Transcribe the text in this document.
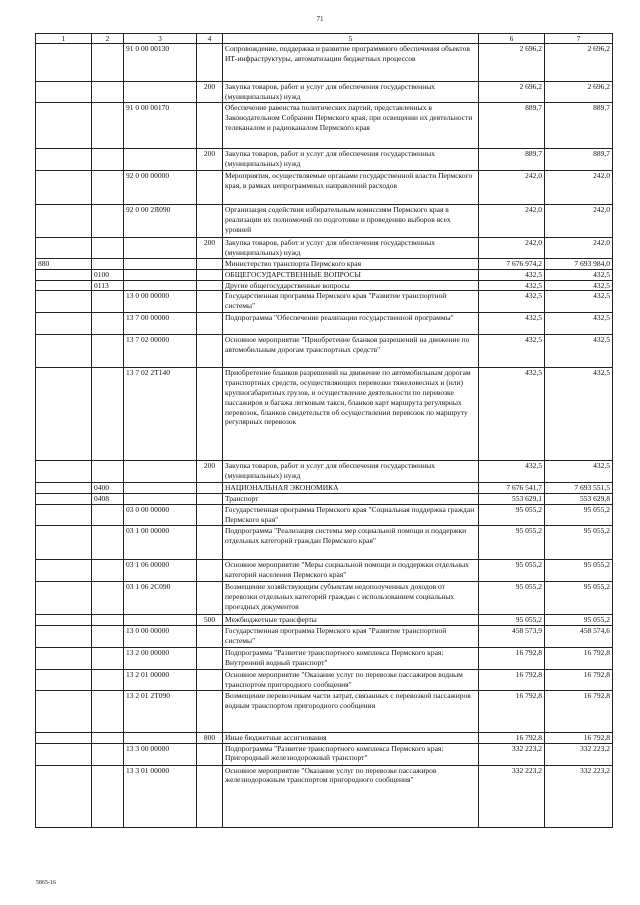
71
1	2	3	4	5	6	7
		91 0 00 00130		Сопровождение, поддержка и развитие программного обеспечения объектов ИТ-инфраструктуры, автоматизации бюджетных процессов	2 696,2	2 696,2
			200	Закупка товаров, работ и услуг для обеспечения государственных (муниципальных) нужд	2 696,2	2 696,2
		91 0 00 00170		Обеспечение равенства политических партий, представленных в Законодательном Собрании Пермского края, при освещении их деятельности телеканалом и радиоканалом Пермского края	889,7	889,7
			200	Закупка товаров, работ и услуг для обеспечения государственных (муниципальных) нужд	889,7	889,7
		92 0 00 00000		Мероприятия, осуществляемые органами государственной власти Пермского края, в рамках непрограммных направлений расходов	242,0	242,0
		92 0 00 2Я090		Организация содействия избирательным комиссиям Пермского края в реализации их полномочий по подготовке и проведению выборов всех уровней	242,0	242,0
			200	Закупка товаров, работ и услуг для обеспечения государственных (муниципальных) нужд	242,0	242,0
880				Министерство транспорта Пермского края	7 676 974,2	7 693 984,0
	0100			ОБЩЕГОСУДАРСТВЕННЫЕ ВОПРОСЫ	432,5	432,5
	0113			Другие общегосударственные вопросы	432,5	432,5
		13 0 00 00000		Государственная программа Пермского края "Развитие транспортной системы"	432,5	432,5
		13 7 00 00000		Подпрограмма "Обеспечение реализации государственной программы"	432,5	432,5
		13 7 02 00000		Основное мероприятие "Приобретение бланков разрешений на движение по автомобильным дорогам транспортных средств"	432,5	432,5
		13 7 02 2Т140		Приобретение бланков разрешений на движение по автомобильным дорогам транспортных средств, осуществляющих перевозки тяжеловесных и (или) крупногабаритных грузов, и осуществление деятельности по перевозке пассажиров и багажа легковым такси, бланков карт маршрута регулярных перевозок, бланков свидетельств об осуществлении перевозок по маршруту регулярных перевозок	432,5	432,5
			200	Закупка товаров, работ и услуг для обеспечения государственных (муниципальных) нужд	432,5	432,5
	0400			НАЦИОНАЛЬНАЯ ЭКОНОМИКА	7 676 541,7	7 693 551,5
	0408			Транспорт	553 629,1	553 629,8
		03 0 00 00000		Государственная программа Пермского края "Социальная поддержка граждан Пермского края"	95 055,2	95 055,2
		03 1 00 00000		Подпрограмма "Реализация системы мер социальной помощи и поддержки отдельных категорий граждан Пермского края"	95 055,2	95 055,2
		03 1 06 00000		Основное мероприятие "Меры социальной помощи и поддержки отдельных категорий населения Пермского края"	95 055,2	95 055,2
		03 1 06 2С090		Возмещение хозяйствующим субъектам недополученных доходов от перевозки отдельных категорий граждан с использованием социальных проездных документов	95 055,2	95 055,2
			500	Межбюджетные трансферты	95 055,2	95 055,2
		13 0 00 00000		Государственная программа Пермского края "Развитие транспортной системы"	458 573,9	458 574,6
		13 2 00 00000		Подпрограмма "Развитие транспортного комплекса Пермского края: Внутренний водный транспорт"	16 792,8	16 792,8
		13 2 01 00000		Основное мероприятие "Оказание услуг по перевозке пассажиров водным транспортом пригородного сообщения"	16 792,8	16 792,8
		13 2 01 2Т090		Возмещение перевозчикам части затрат, связанных с перевозкой пассажиров водным транспортом пригородного сообщения	16 792,8	16 792,8
			800	Иные бюджетные ассигнования	16 792,8	16 792,8
		13 3 00 00000		Подпрограмма "Развитие транспортного комплекса Пермского края: Пригородный железнодорожный транспорт"	332 223,2	332 223,2
		13 3 01 00000		Основное мероприятие "Оказание услуг по перевозке пассажиров железнодорожным транспортом пригородного сообщения"	332 223,2	332 223,2
5865-16
